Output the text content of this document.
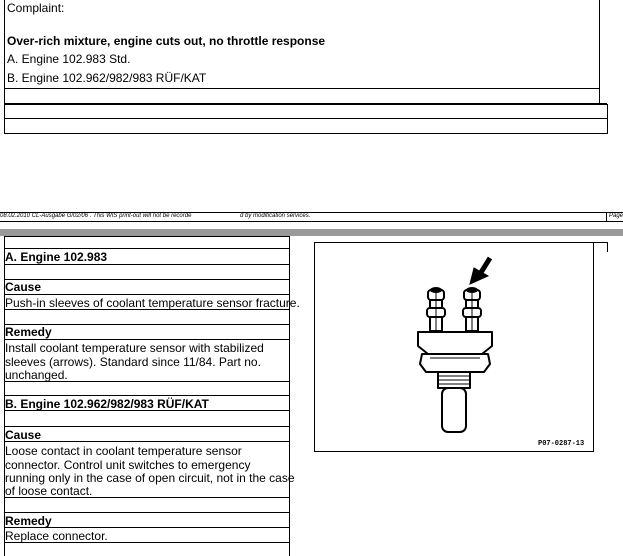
Complaint:
Over-rich mixture, engine cuts out, no throttle response
A. Engine 102.983 Std.
B. Engine 102.962/982/983 RÜF/KAT
08.02.2010 CL-Ausgabe G/02/06 . This WIS print-out will not be recorde	d by modification services.	Page
A. Engine 102.983
Cause
Push-in sleeves of coolant temperature sensor fracture.
Remedy
Install coolant temperature sensor with stabilized
sleeves (arrows). Standard since 11/84. Part no.
unchanged.
B. Engine 102.962/982/983 RÜF/KAT
Cause
Loose contact in coolant temperature sensor
connector. Control unit switches to emergency
running only in the case of open circuit, not in the case
of loose contact.
Remedy
Replace connector.
P07-0287-13
